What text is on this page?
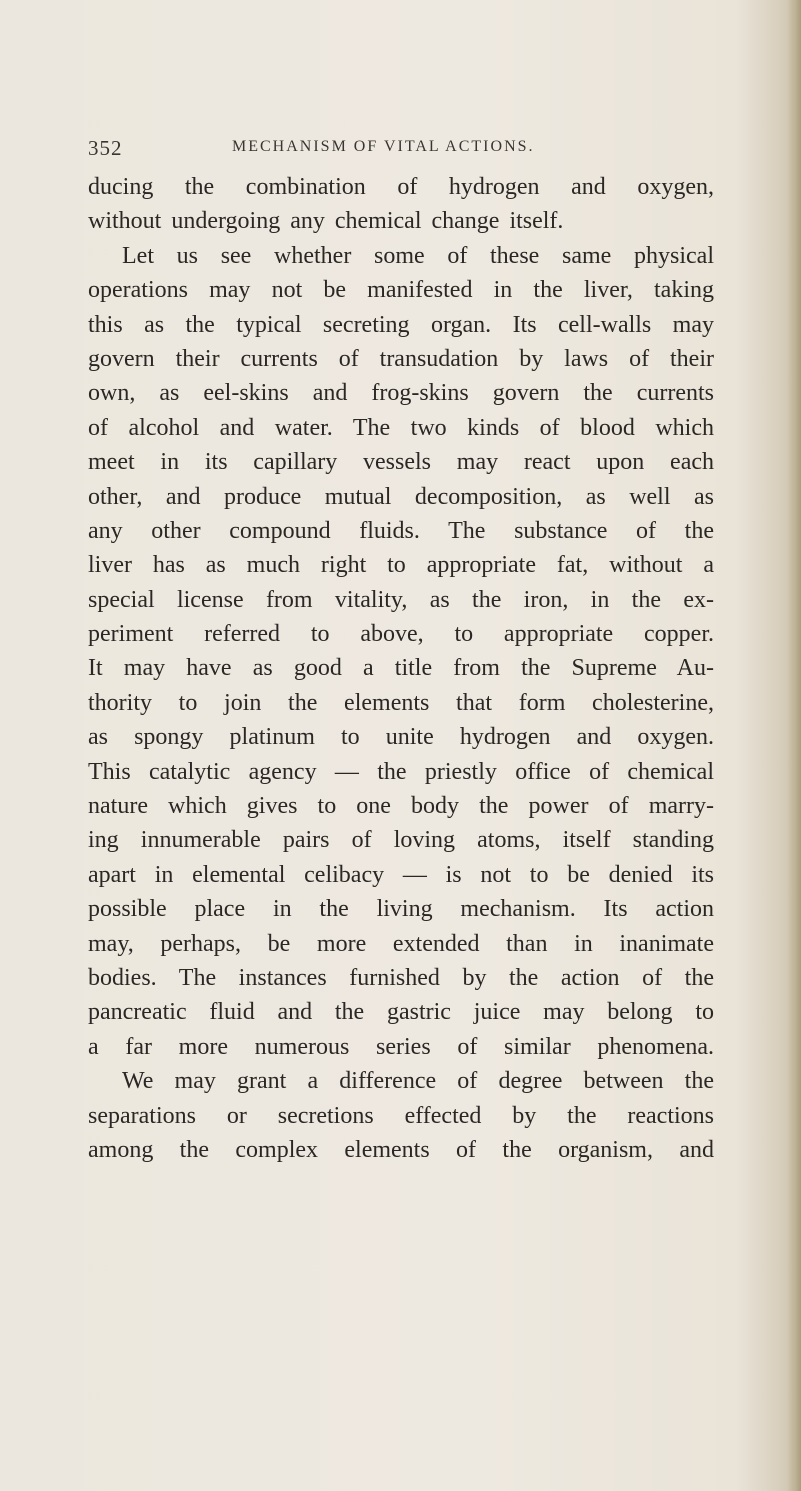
352	MECHANISM OF VITAL ACTIONS.
ducing the combination of hydrogen and oxygen,
without undergoing any chemical change itself.
Let us see whether some of these same physical
operations may not be manifested in the liver, taking
this as the typical secreting organ. Its cell-walls may
govern their currents of transudation by laws of their
own, as eel-skins and frog-skins govern the currents
of alcohol and water. The two kinds of blood which
meet in its capillary vessels may react upon each
other, and produce mutual decomposition, as well as
any other compound fluids. The substance of the
liver has as much right to appropriate fat, without a
special license from vitality, as the iron, in the ex-
periment referred to above, to appropriate copper.
It may have as good a title from the Supreme Au-
thority to join the elements that form cholesterine,
as spongy platinum to unite hydrogen and oxygen.
This catalytic agency — the priestly office of chemical
nature which gives to one body the power of marry-
ing innumerable pairs of loving atoms, itself standing
apart in elemental celibacy — is not to be denied its
possible place in the living mechanism. Its action
may, perhaps, be more extended than in inanimate
bodies. The instances furnished by the action of the
pancreatic fluid and the gastric juice may belong to
a far more numerous series of similar phenomena.
We may grant a difference of degree between the
separations or secretions effected by the reactions
among the complex elements of the organism, and
